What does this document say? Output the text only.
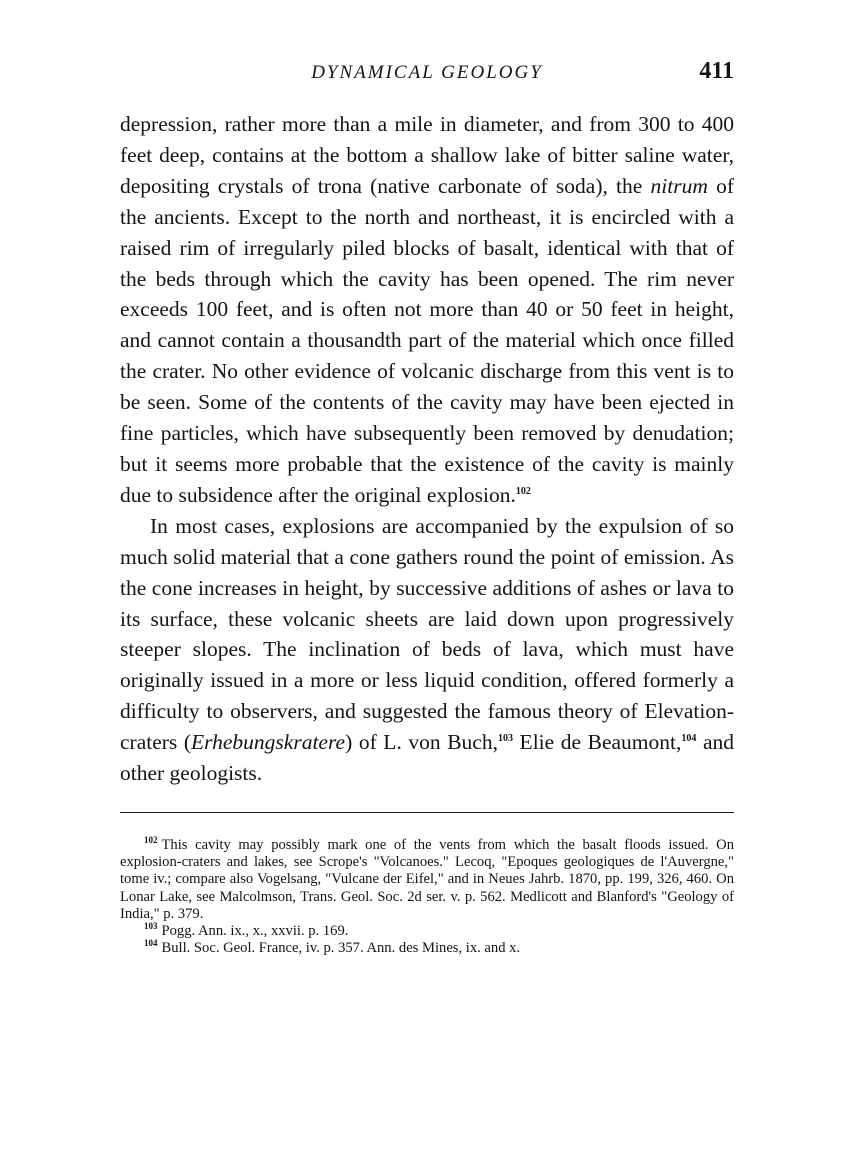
DYNAMICAL GEOLOGY	411

depression, rather more than a mile in diameter, and from 300 to 400 feet deep, contains at the bottom a shallow lake of bitter saline water, depositing crystals of trona (native carbonate of soda), the nitrum of the ancients. Except to the north and northeast, it is encircled with a raised rim of irregularly piled blocks of basalt, identical with that of the beds through which the cavity has been opened. The rim never exceeds 100 feet, and is often not more than 40 or 50 feet in height, and cannot contain a thousandth part of the material which once filled the crater. No other evidence of volcanic discharge from this vent is to be seen. Some of the contents of the cavity may have been ejected in fine particles, which have subsequently been removed by denudation; but it seems more probable that the existence of the cavity is mainly due to subsidence after the original explosion.$^{102}$

In most cases, explosions are accompanied by the expulsion of so much solid material that a cone gathers round the point of emission. As the cone increases in height, by successive additions of ashes or lava to its surface, these volcanic sheets are laid down upon progressively steeper slopes. The inclination of beds of lava, which must have originally issued in a more or less liquid condition, offered formerly a difficulty to observers, and suggested the famous theory of Elevation-craters (Erhebungskratere) of L. von Buch,$^{103}$ Elie de Beaumont,$^{104}$ and other geologists.

$^{102}$ This cavity may possibly mark one of the vents from which the basalt floods issued. On explosion-craters and lakes, see Scrope's "Volcanoes." Lecoq, "Epoques geologiques de l'Auvergne," tome iv.; compare also Vogelsang, "Vulcane der Eifel," and in Neues Jahrb. 1870, pp. 199, 326, 460. On Lonar Lake, see Malcolmson, Trans. Geol. Soc. 2d ser. v. p. 562. Medlicott and Blanford's "Geology of India," p. 379.

$^{103}$ Pogg. Ann. ix., x., xxvii. p. 169.

$^{104}$ Bull. Soc. Geol. France, iv. p. 357. Ann. des Mines, ix. and x.
